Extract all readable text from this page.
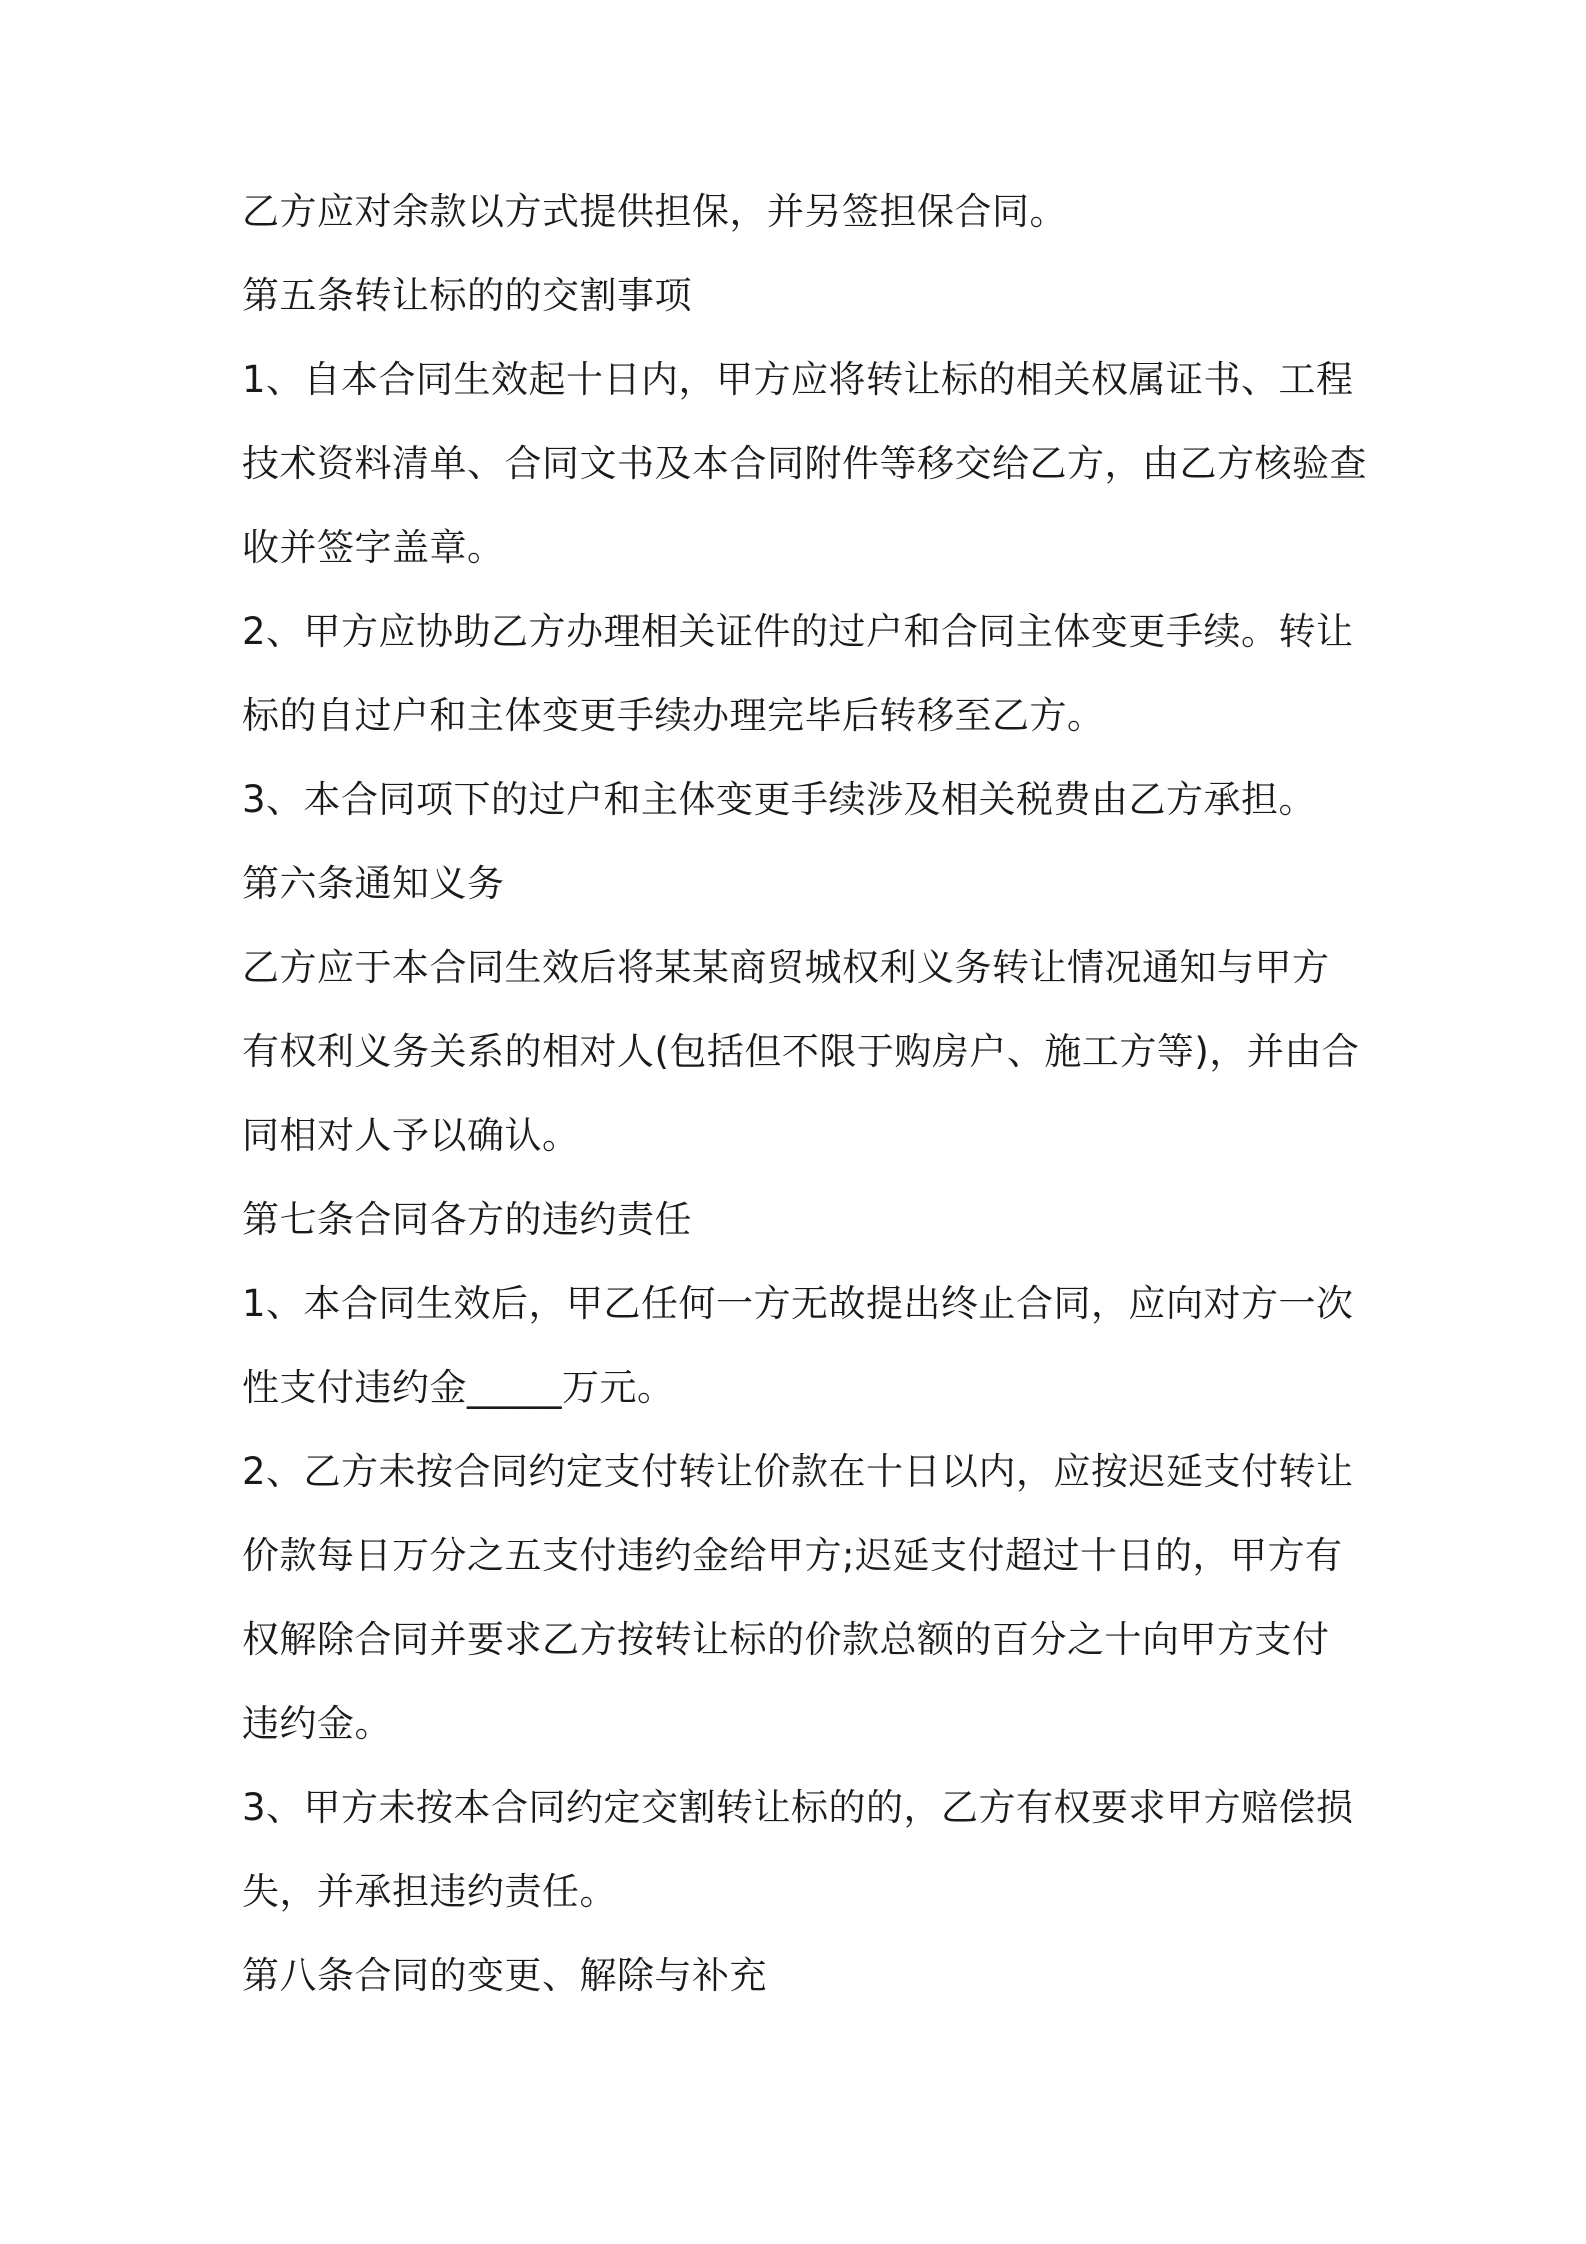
乙方应对余款以方式提供担保，并另签担保合同。
第五条转让标的的交割事项
1、自本合同生效起十日内，甲方应将转让标的相关权属证书、工程
技术资料清单、合同文书及本合同附件等移交给乙方，由乙方核验查
收并签字盖章。
2、甲方应协助乙方办理相关证件的过户和合同主体变更手续。转让
标的自过户和主体变更手续办理完毕后转移至乙方。
3、本合同项下的过户和主体变更手续涉及相关税费由乙方承担。
第六条通知义务
乙方应于本合同生效后将某某商贸城权利义务转让情况通知与甲方
有权利义务关系的相对人(包括但不限于购房户、施工方等)，并由合
同相对人予以确认。
第七条合同各方的违约责任
1、本合同生效后，甲乙任何一方无故提出终止合同，应向对方一次
性支付违约金_____万元。
2、乙方未按合同约定支付转让价款在十日以内，应按迟延支付转让
价款每日万分之五支付违约金给甲方;迟延支付超过十日的，甲方有
权解除合同并要求乙方按转让标的价款总额的百分之十向甲方支付
违约金。
3、甲方未按本合同约定交割转让标的的，乙方有权要求甲方赔偿损
失，并承担违约责任。
第八条合同的变更、解除与补充
